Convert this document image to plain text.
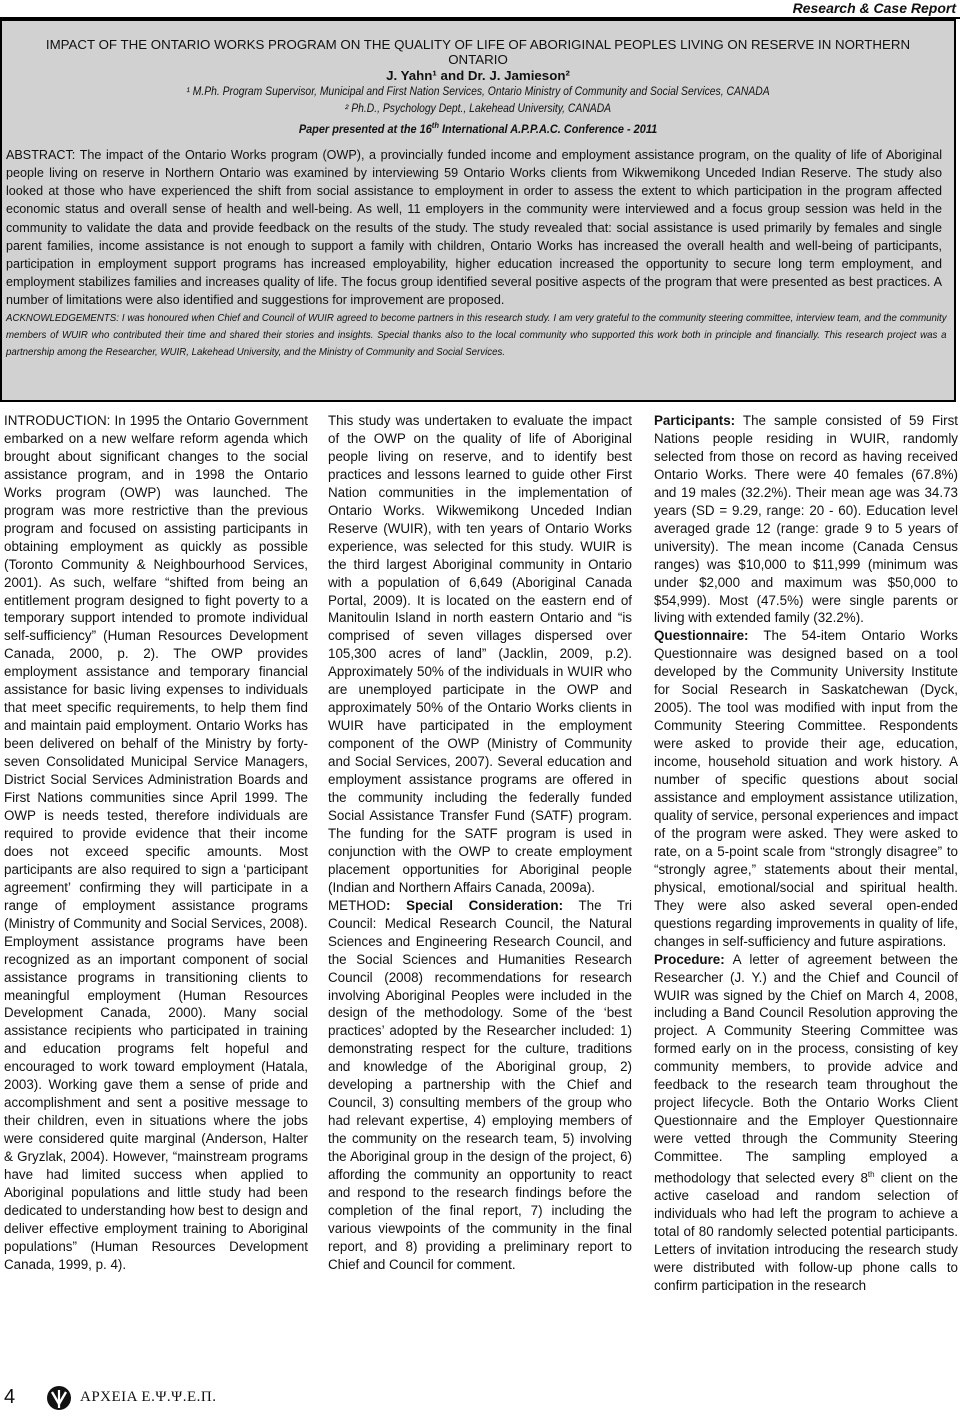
Research & Case Report

IMPACT OF THE ONTARIO WORKS PROGRAM ON THE QUALITY OF LIFE OF ABORIGINAL PEOPLES LIVING ON RESERVE IN NORTHERN ONTARIO

J. Yahn¹ and Dr. J. Jamieson²
¹ M.Ph. Program Supervisor, Municipal and First Nation Services, Ontario Ministry of Community and Social Services, CANADA
² Ph.D., Psychology Dept., Lakehead University, CANADA
Paper presented at the 16th International A.P.P.A.C. Conference - 2011

ABSTRACT: The impact of the Ontario Works program (OWP), a provincially funded income and employment assistance program, on the quality of life of Aboriginal people living on reserve in Northern Ontario was examined by interviewing 59 Ontario Works clients from Wikwemikong Unceded Indian Reserve. The study also looked at those who have experienced the shift from social assistance to employment in order to assess the extent to which participation in the program affected economic status and overall sense of health and well-being. As well, 11 employers in the community were interviewed and a focus group session was held in the community to validate the data and provide feedback on the results of the study. The study revealed that: social assistance is used primarily by females and single parent families, income assistance is not enough to support a family with children, Ontario Works has increased the overall health and well-being of participants, participation in employment support programs has increased employability, higher education increased the opportunity to secure long term employment, and employment stabilizes families and increases quality of life. The focus group identified several positive aspects of the program that were presented as best practices. A number of limitations were also identified and suggestions for improvement are proposed.

ACKNOWLEDGEMENTS: I was honoured when Chief and Council of WUIR agreed to become partners in this research study. I am very grateful to the community steering committee, interview team, and the community members of WUIR who contributed their time and shared their stories and insights. Special thanks also to the local community who supported this work both in principle and financially. This research project was a partnership among the Researcher, WUIR, Lakehead University, and the Ministry of Community and Social Services.

INTRODUCTION: In 1995 the Ontario Government embarked on a new welfare reform agenda which brought about significant changes to the social assistance program, and in 1998 the Ontario Works program (OWP) was launched. The program was more restrictive than the previous program and focused on assisting participants in obtaining employment as quickly as possible (Toronto Community & Neighbourhood Services, 2001). As such, welfare “shifted from being an entitlement program designed to fight poverty to a temporary support intended to promote individual self-sufficiency” (Human Resources Development Canada, 2000, p. 2). The OWP provides employment assistance and temporary financial assistance for basic living expenses to individuals that meet specific requirements, to help them find and maintain paid employment. Ontario Works has been delivered on behalf of the Ministry by forty-seven Consolidated Municipal Service Managers, District Social Services Administration Boards and First Nations communities since April 1999. The OWP is needs tested, therefore individuals are required to provide evidence that their income does not exceed specific amounts. Most participants are also required to sign a ‘participant agreement’ confirming they will participate in a range of employment assistance programs (Ministry of Community and Social Services, 2008).

Employment assistance programs have been recognized as an important component of social assistance programs in transitioning clients to meaningful employment (Human Resources Development Canada, 2000). Many social assistance recipients who participated in training and education programs felt hopeful and encouraged to work toward employment (Hatala, 2003). Working gave them a sense of pride and accomplishment and sent a positive message to their children, even in situations where the jobs were considered quite marginal (Anderson, Halter & Gryzlak, 2004). However, “mainstream programs have had limited success when applied to Aboriginal populations and little study had been dedicated to understanding how best to design and deliver effective employment training to Aboriginal populations” (Human Resources Development Canada, 1999, p. 4).

This study was undertaken to evaluate the impact of the OWP on the quality of life of Aboriginal people living on reserve, and to identify best practices and lessons learned to guide other First Nation communities in the implementation of Ontario Works. Wikwemikong Unceded Indian Reserve (WUIR), with ten years of Ontario Works experience, was selected for this study. WUIR is the third largest Aboriginal community in Ontario with a population of 6,649 (Aboriginal Canada Portal, 2009). It is located on the eastern end of Manitoulin Island in north eastern Ontario and “is comprised of seven villages dispersed over 105,300 acres of land” (Jacklin, 2009, p.2). Approximately 50% of the individuals in WUIR who are unemployed participate in the OWP and approximately 50% of the Ontario Works clients in WUIR have participated in the employment component of the OWP (Ministry of Community and Social Services, 2007). Several education and employment assistance programs are offered in the community including the federally funded Social Assistance Transfer Fund (SATF) program. The funding for the SATF program is used in conjunction with the OWP to create employment placement opportunities for Aboriginal people (Indian and Northern Affairs Canada, 2009a).

METHOD: Special Consideration: The Tri Council: Medical Research Council, the Natural Sciences and Engineering Research Council, and the Social Sciences and Humanities Research Council (2008) recommendations for research involving Aboriginal Peoples were included in the design of the methodology. Some of the ‘best practices’ adopted by the Researcher included: 1) demonstrating respect for the culture, traditions and knowledge of the Aboriginal group, 2) developing a partnership with the Chief and Council, 3) consulting members of the group who had relevant expertise, 4) employing members of the community on the research team, 5) involving the Aboriginal group in the design of the project, 6) affording the community an opportunity to react and respond to the research findings before the completion of the final report, 7) including the various viewpoints of the community in the final report, and 8) providing a preliminary report to Chief and Council for comment.

Participants: The sample consisted of 59 First Nations people residing in WUIR, randomly selected from those on record as having received Ontario Works. There were 40 females (67.8%) and 19 males (32.2%). Their mean age was 34.73 years (SD = 9.29, range: 20 - 60). Education level averaged grade 12 (range: grade 9 to 5 years of university). The mean income (Canada Census ranges) was $10,000 to $11,999 (minimum was under $2,000 and maximum was $50,000 to $54,999). Most (47.5%) were single parents or living with extended family (32.2%).

Questionnaire: The 54-item Ontario Works Questionnaire was designed based on a tool developed by the Community University Institute for Social Research in Saskatchewan (Dyck, 2005). The tool was modified with input from the Community Steering Committee. Respondents were asked to provide their age, education, income, household situation and work history. A number of specific questions about social assistance and employment assistance utilization, quality of service, personal experiences and impact of the program were asked. They were asked to rate, on a 5-point scale from “strongly disagree” to “strongly agree,” statements about their mental, physical, emotional/social and spiritual health. They were also asked several open-ended questions regarding improvements in quality of life, changes in self-sufficiency and future aspirations.

Procedure: A letter of agreement between the Researcher (J. Y.) and the Chief and Council of WUIR was signed by the Chief on March 4, 2008, including a Band Council Resolution approving the project. A Community Steering Committee was formed early on in the process, consisting of key community members, to provide advice and feedback to the research team throughout the project lifecycle. Both the Ontario Works Client Questionnaire and the Employer Questionnaire were vetted through the Community Steering Committee. The sampling employed a methodology that selected every 8th client on the active caseload and random selection of individuals who had left the program to achieve a total of 80 randomly selected potential participants. Letters of invitation introducing the research study were distributed with follow-up phone calls to confirm participation in the research

4	ΑΡΧΕΙΑ Ε.Ψ.Ψ.Ε.Π.
